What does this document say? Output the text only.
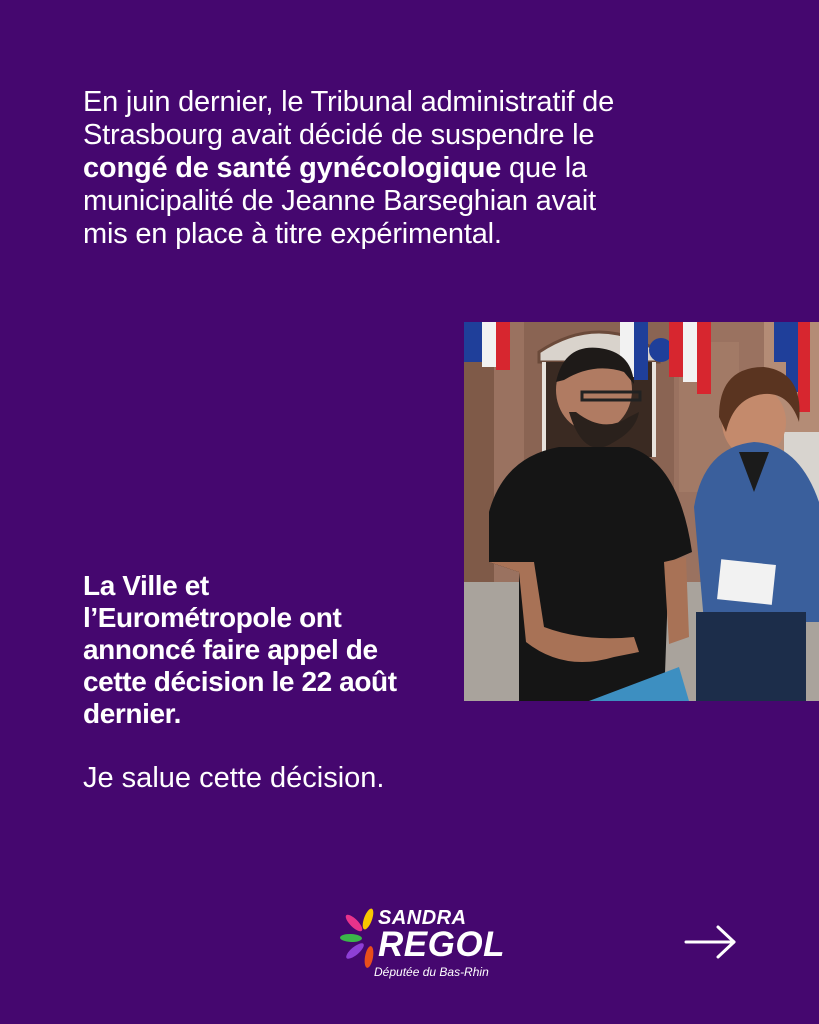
En juin dernier, le Tribunal administratif de Strasbourg avait décidé de suspendre le congé de santé gynécologique que la municipalité de Jeanne Barseghian avait mis en place à titre expérimental.

La Ville et l’Eurométropole ont annoncé faire appel de cette décision le 22 août dernier.

Je salue cette décision.

SANDRA
REGOL
Députée du Bas-Rhin
